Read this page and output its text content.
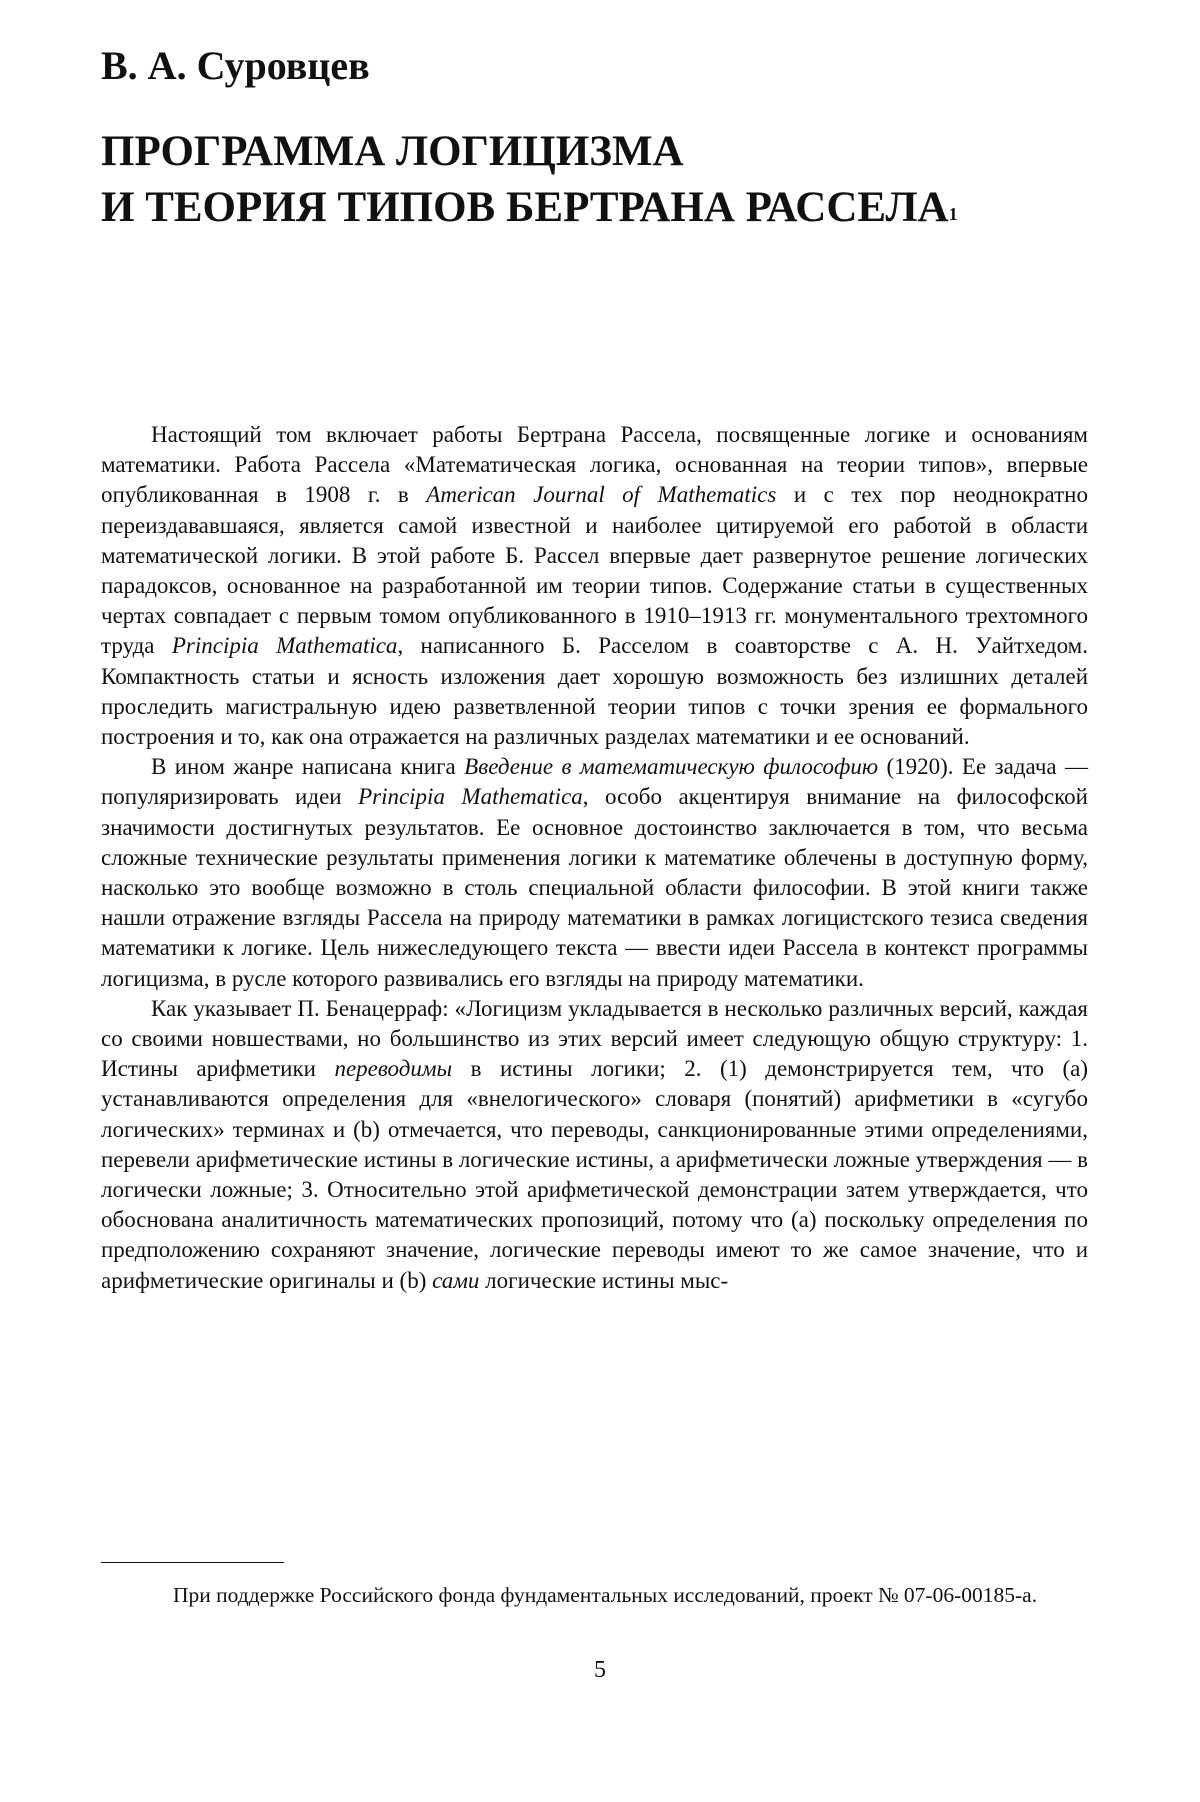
В. А. Суровцев
ПРОГРАММА ЛОГИЦИЗМА
И ТЕОРИЯ ТИПОВ БЕРТРАНА РАССЕЛА$^1$

Настоящий том включает работы Бертрана Рассела, посвященные логике и основаниям математики. Работа Рассела «Математическая логика, основанная на теории типов», впервые опубликованная в 1908 г. в American Journal of Mathematics и с тех пор неоднократно переиздававшаяся, является самой известной и наиболее цитируемой его работой в области математической логики. В этой работе Б. Рассел впервые дает развернутое решение логических парадоксов, основанное на разработанной им теории типов. Содержание статьи в существенных чертах совпадает с первым томом опубликованного в 1910–1913 гг. монументального трехтомного труда Principia Mathematica, написанного Б. Расселом в соавторстве с А. Н. Уайтхедом. Компактность статьи и ясность изложения дает хорошую возможность без излишних деталей проследить магистральную идею разветвленной теории типов с точки зрения ее формального построения и то, как она отражается на различных разделах математики и ее оснований.

В ином жанре написана книга Введение в математическую философию (1920). Ее задача — популяризировать идеи Principia Mathematica, особо акцентируя внимание на философской значимости достигнутых результатов. Ее основное достоинство заключается в том, что весьма сложные технические результаты применения логики к математике облечены в доступную форму, насколько это вообще возможно в столь специальной области философии. В этой книги также нашли отражение взгляды Рассела на природу математики в рамках логицистского тезиса сведения математики к логике. Цель нижеследующего текста — ввести идеи Рассела в контекст программы логицизма, в русле которого развивались его взгляды на природу математики.

Как указывает П. Бенацерраф: «Логицизм укладывается в несколько различных версий, каждая со своими новшествами, но большинство из этих версий имеет следующую общую структуру: 1. Истины арифметики переводимы в истины логики; 2. (1) демонстрируется тем, что (a) устанавливаются определения для «внелогического» словаря (понятий) арифметики в «сугубо логических» терминах и (b) отмечается, что переводы, санкционированные этими определениями, перевели арифметические истины в логические истины, а арифметически ложные утверждения — в логически ложные; 3. Относительно этой арифметической демонстрации затем утверждается, что обоснована аналитичность математических пропозиций, потому что (a) поскольку определения по предположению сохраняют значение, логические переводы имеют то же самое значение, что и арифметические оригиналы и (b) сами логические истины мыс-

При поддержке Российского фонда фундаментальных исследований, проект № 07-06-00185-а.

5
